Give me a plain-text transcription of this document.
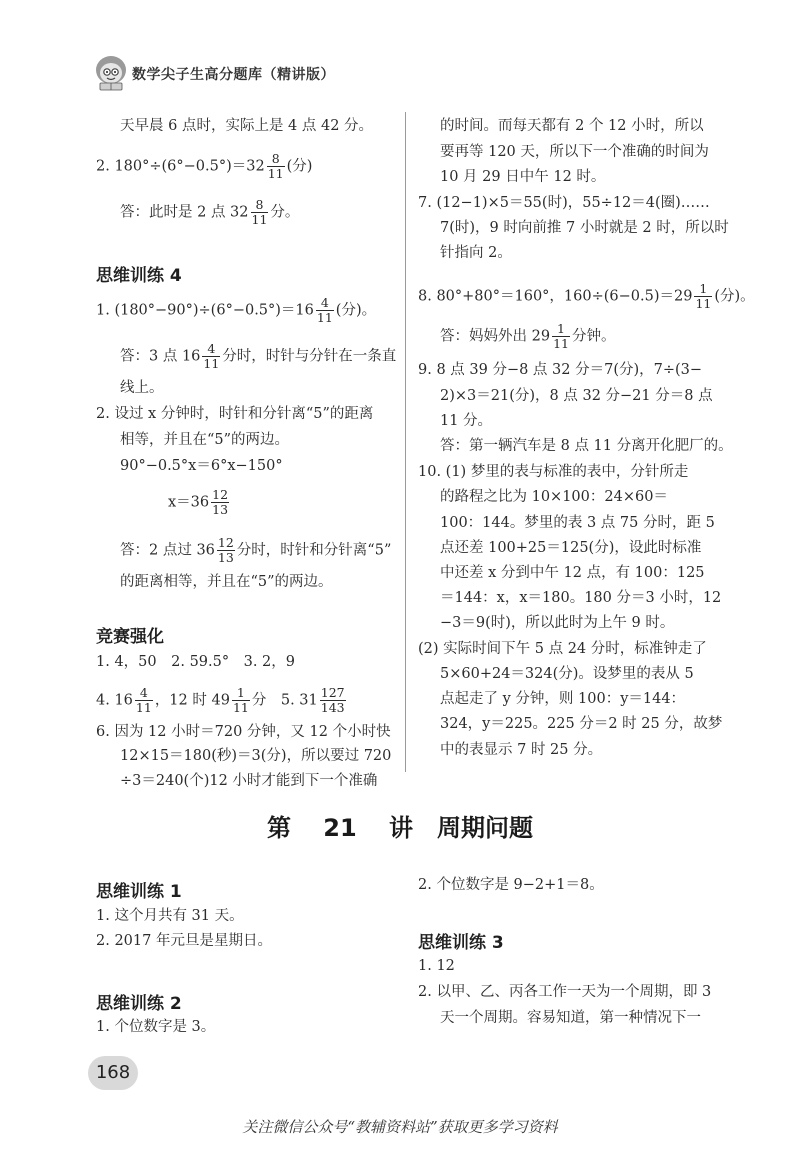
数学尖子生高分题库（精讲版）
天早晨 6 点时，实际上是 4 点 42 分。
2. $180^\circ\div(6^\circ-0.5^\circ)=32 \frac{8}{11}$ (分)
答：此时是 2 点 $32 \frac{8}{11}$ 分。
思维训练 4
1. $(180^\circ-90^\circ)\div(6^\circ-0.5^\circ)=16 \frac{4}{11}$ (分)。
答：3 点 $16 \frac{4}{11}$ 分时，时针与分针在一条直
线上。
2. 设过 x 分钟时，时针和分针离“5”的距离
相等，并且在“5”的两边。
90°−0.5°x＝6°x−150°
$x=36 \frac{12}{13}$
答：2 点过 $36 \frac{12}{13}$ 分时，时针和分针离“5”
的距离相等，并且在“5”的两边。
竞赛强化
1. 4，50　2. 59.5°　3. 2，9
4. $16 \frac{4}{11}$ ，12 时 $49 \frac{1}{11}$ 分　5. $31 \frac{127}{143}$
6. 因为 12 小时＝720 分钟，又 12 个小时快
12×15＝180(秒)＝3(分)，所以要过 720
÷3＝240(个)12 小时才能到下一个准确
的时间。而每天都有 2 个 12 小时，所以
要再等 120 天，所以下一个准确的时间为
10 月 29 日中午 12 时。
7. (12−1)×5＝55(时)，55÷12＝4(圈)……
7(时)，9 时向前推 7 小时就是 2 时，所以时
针指向 2。
8. 80°+80°＝160°，$160\div(6-0.5)=29 \frac{1}{11}$ (分)。
答：妈妈外出 $29 \frac{1}{11}$ 分钟。
9. 8 点 39 分−8 点 32 分＝7(分)，7÷(3−
2)×3＝21(分)，8 点 32 分−21 分＝8 点
11 分。
答：第一辆汽车是 8 点 11 分离开化肥厂的。
10. (1) 梦里的表与标准的表中，分针所走
的路程之比为 10×100：24×60＝
100：144。梦里的表 3 点 75 分时，距 5
点还差 100+25＝125(分)，设此时标准
中还差 x 分到中午 12 点，有 100：125
＝144：x，x＝180。180 分＝3 小时，12
−3＝9(时)，所以此时为上午 9 时。
(2) 实际时间下午 5 点 24 分时，标准钟走了
5×60+24＝324(分)。设梦里的表从 5
点起走了 y 分钟，则 100：y＝144：
324，y＝225。225 分＝2 时 25 分，故梦
中的表显示 7 时 25 分。
第 21 讲　周期问题
思维训练 1
1. 这个月共有 31 天。
2. 2017 年元旦是星期日。
思维训练 2
1. 个位数字是 3。
2. 个位数字是 9−2+1＝8。
思维训练 3
1. 12
2. 以甲、乙、丙各工作一天为一个周期，即 3
天一个周期。容易知道，第一种情况下一
168
关注微信公众号“教辅资料站”获取更多学习资料
